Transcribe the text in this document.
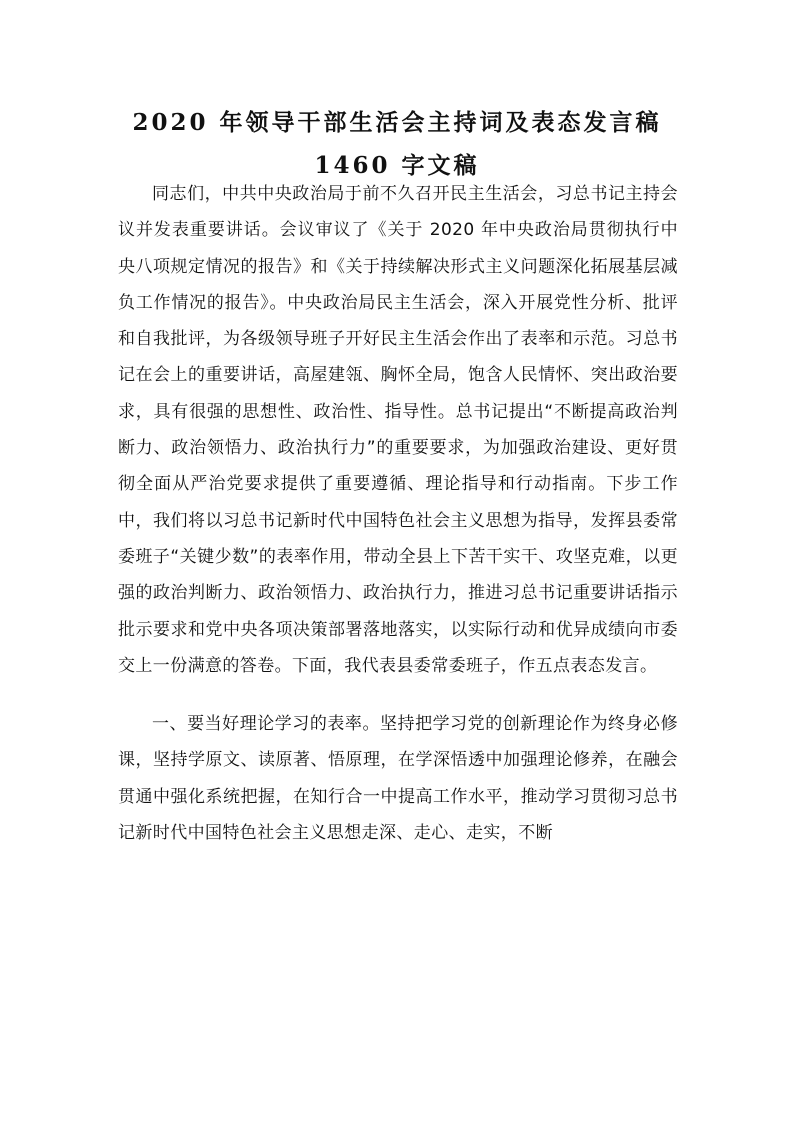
2020 年领导干部生活会主持词及表态发言稿
1460 字文稿

同志们，中共中央政治局于前不久召开民主生活会，习总书记主持会议并发表重要讲话。会议审议了《关于 2020 年中央政治局贯彻执行中央八项规定情况的报告》和《关于持续解决形式主义问题深化拓展基层减负工作情况的报告》。中央政治局民主生活会，深入开展党性分析、批评和自我批评，为各级领导班子开好民主生活会作出了表率和示范。习总书记在会上的重要讲话，高屋建瓴、胸怀全局，饱含人民情怀、突出政治要求，具有很强的思想性、政治性、指导性。总书记提出“不断提高政治判断力、政治领悟力、政治执行力”的重要要求，为加强政治建设、更好贯彻全面从严治党要求提供了重要遵循、理论指导和行动指南。下步工作中，我们将以习总书记新时代中国特色社会主义思想为指导，发挥县委常委班子“关键少数”的表率作用，带动全县上下苦干实干、攻坚克难，以更强的政治判断力、政治领悟力、政治执行力，推进习总书记重要讲话指示批示要求和党中央各项决策部署落地落实，以实际行动和优异成绩向市委交上一份满意的答卷。下面，我代表县委常委班子，作五点表态发言。

一、要当好理论学习的表率。坚持把学习党的创新理论作为终身必修课，坚持学原文、读原著、悟原理，在学深悟透中加强理论修养，在融会贯通中强化系统把握，在知行合一中提高工作水平，推动学习贯彻习总书记新时代中国特色社会主义思想走深、走心、走实，不断
